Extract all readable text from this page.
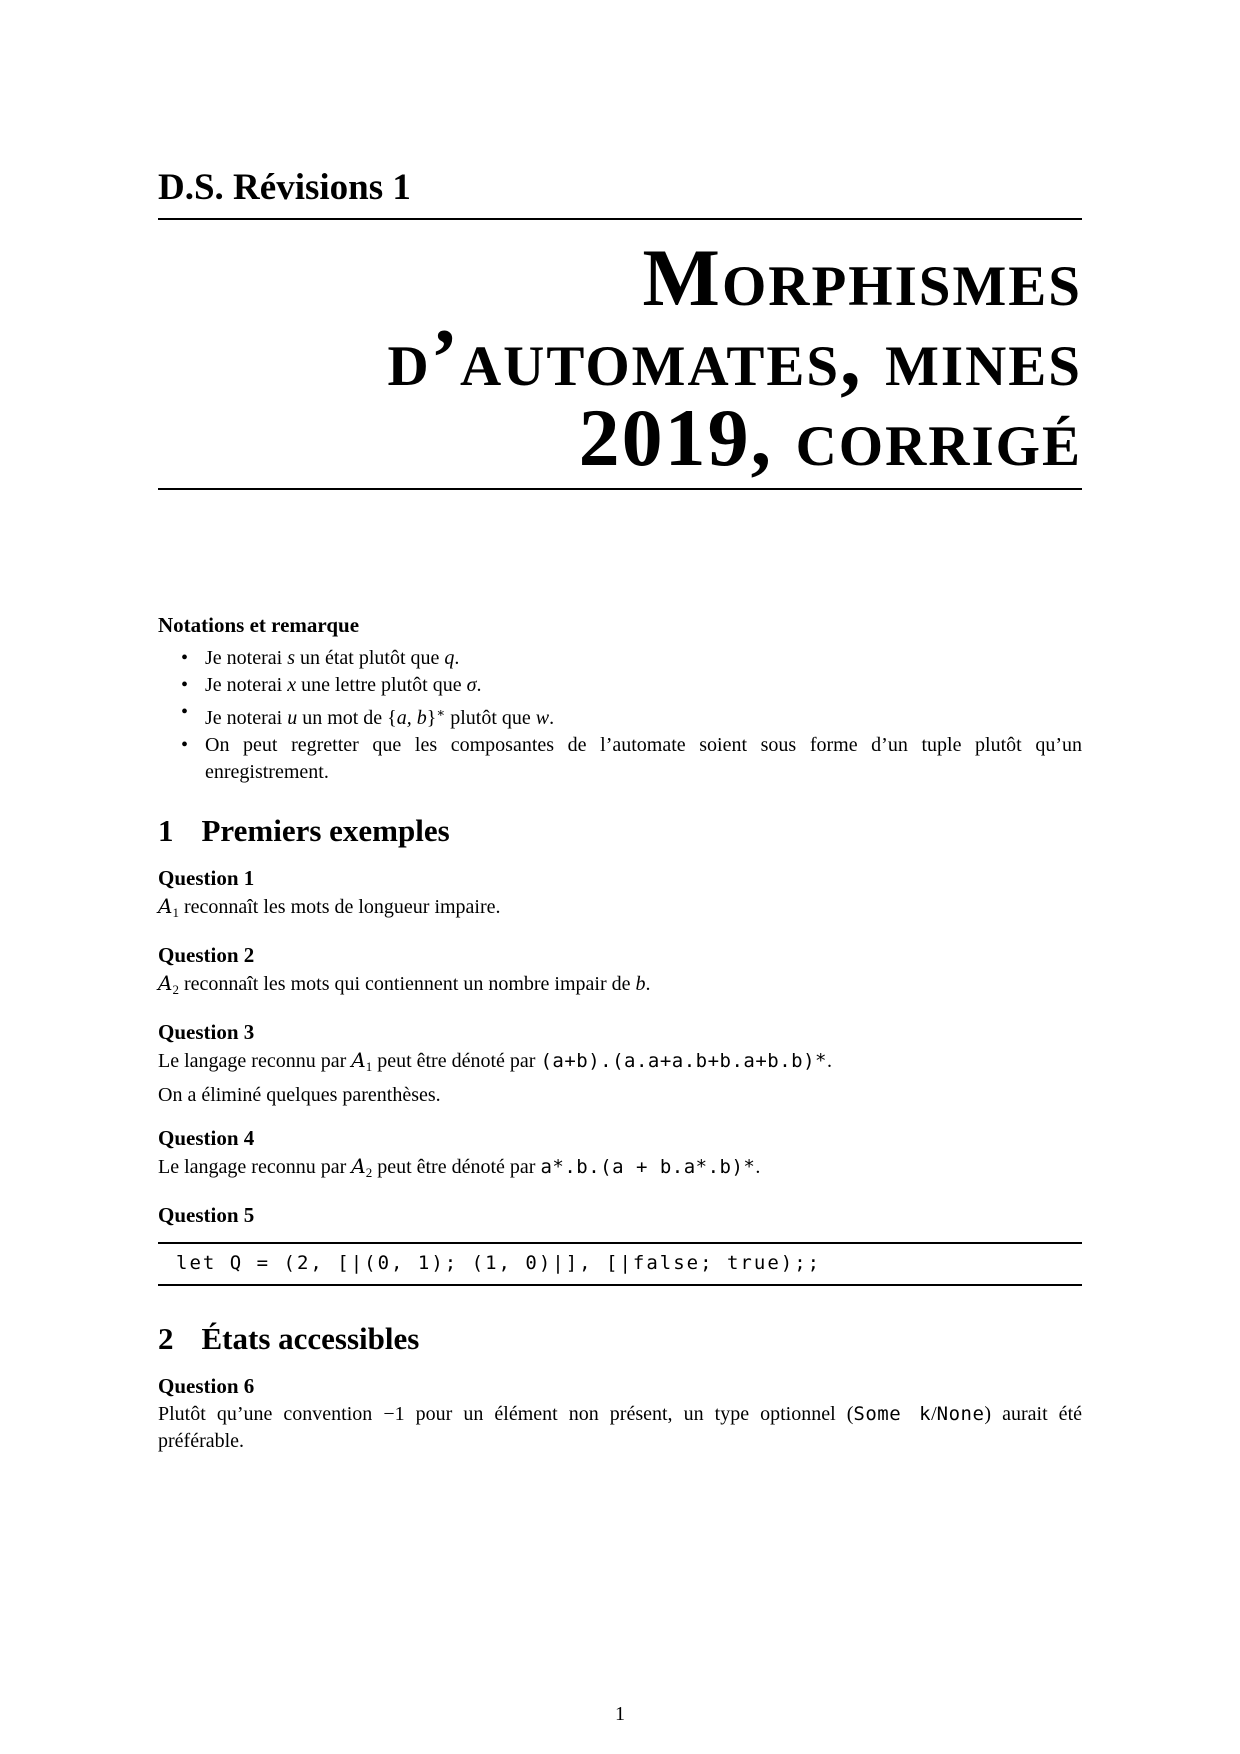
D.S. Révisions 1
Morphismes
d’automates, mines
2019, corrigé

Notations et remarque

• Je noterai s un état plutôt que q.
• Je noterai x une lettre plutôt que σ.
• Je noterai u un mot de {a, b}∗ plutôt que w.
• On peut regretter que les composantes de l’automate soient sous forme d’un tuple plutôt qu’un enregistrement.
1 Premiers exemples

Question 1

$A_1$ reconnaît les mots de longueur impaire.

Question 2

$A_2$ reconnaît les mots qui contiennent un nombre impair de b.

Question 3

Le langage reconnu par $A_1$ peut être dénoté par (a+b).(a.a+a.b+b.a+b.b)*.

On a éliminé quelques parenthèses.

Question 4

Le langage reconnu par $A_2$ peut être dénoté par a*.b.(a + b.a*.b)*.

Question 5

let Q = (2, [|(0, 1); (1, 0)|], [|false; true);;
2 États accessibles

Question 6

Plutôt qu’une convention −1 pour un élément non présent, un type optionnel (Some k/None) aurait été préférable.

1
